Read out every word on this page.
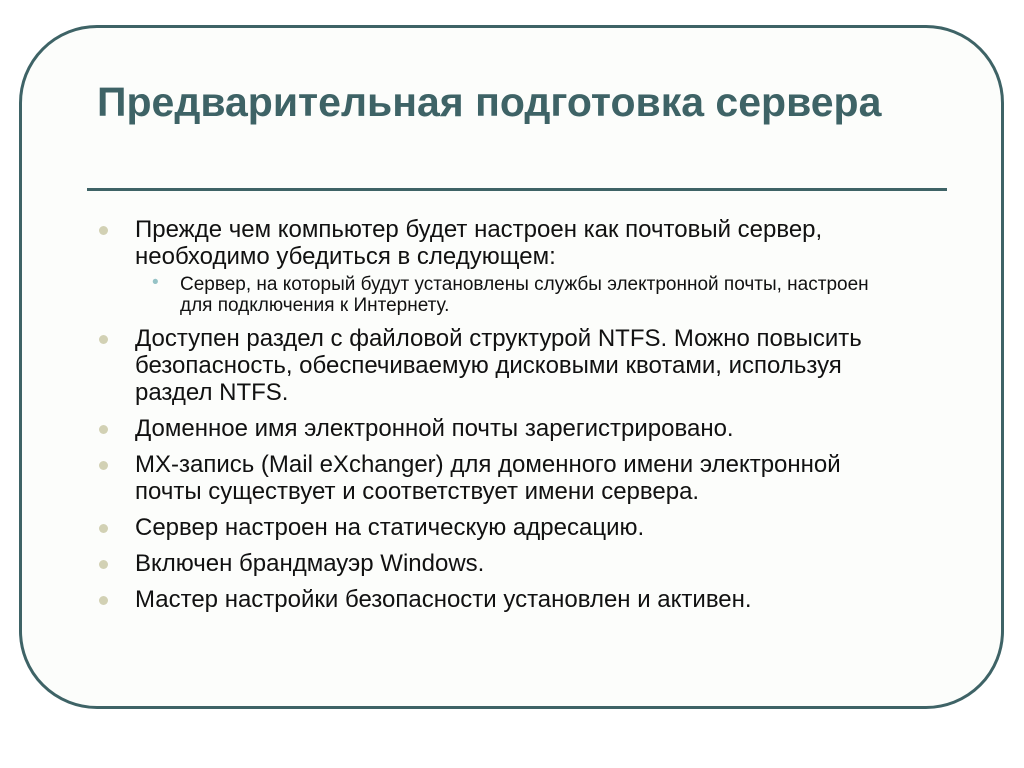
Предварительная подготовка сервера
Прежде чем компьютер будет настроен как почтовый сервер, необходимо убедиться в следующем:
• Сервер, на который будут установлены службы электронной почты, настроен для подключения к Интернету.
Доступен раздел с файловой структурой NTFS. Можно повысить безопасность, обеспечиваемую дисковыми квотами, используя раздел NTFS.
Доменное имя электронной почты зарегистрировано.
MX-запись (Mail eXchanger) для доменного имени электронной почты существует и соответствует имени сервера.
Сервер настроен на статическую адресацию.
Включен брандмауэр Windows.
Мастер настройки безопасности установлен и активен.
